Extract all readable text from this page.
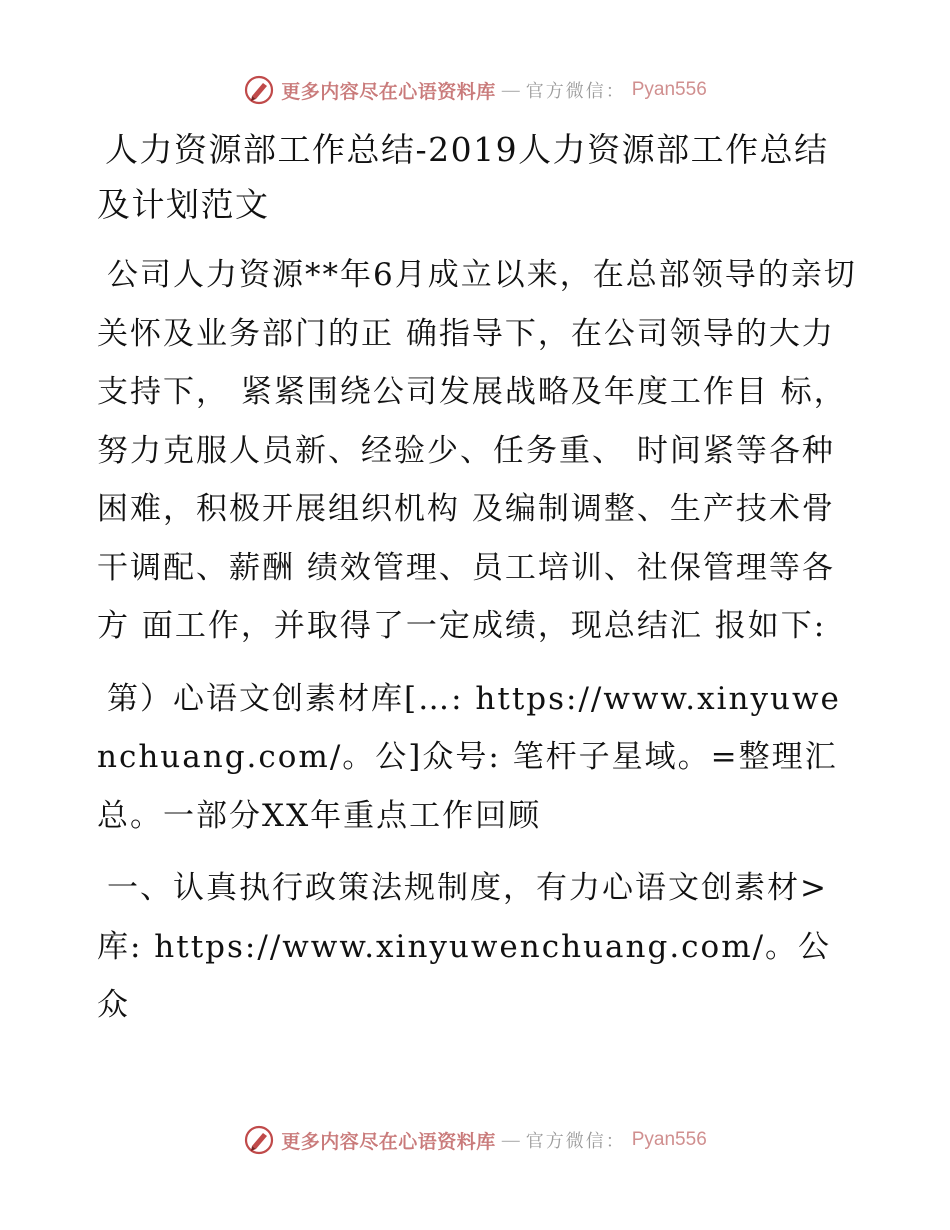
更多内容尽在心语资料库 — 官方微信： Pyan556
人力资源部工作总结-2019人力资源部工作总结及计划范文

公司人力资源**年6月成立以来，在总部领导的亲切关怀及业务部门的正 确指导下，在公司领导的大力支持下， 紧紧围绕公司发展战略及年度工作目 标，努力克服人员新、经验少、任务重、 时间紧等各种困难，积极开展组织机构 及编制调整、生产技术骨干调配、薪酬 绩效管理、员工培训、社保管理等各方 面工作，并取得了一定成绩，现总结汇 报如下:

第）心语文创素材库[…: https://www.xinyuwenchuang.com/。公]众号: 笔杆子星域。=整理汇总。一部分XX年重点工作回顾

一、认真执行政策法规制度，有力心语文创素材>库: https://www.xinyuwenchuang.com/。公众

更多内容尽在心语资料库 — 官方微信： Pyan556
